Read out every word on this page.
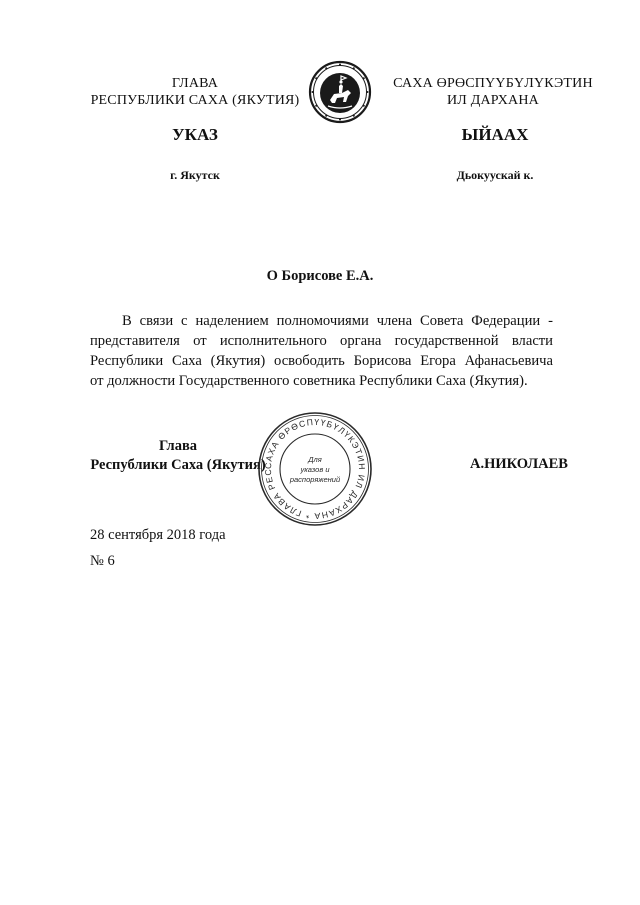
ГЛАВА
РЕСПУБЛИКИ САХА (ЯКУТИЯ)
САХА ӨРӨСПҮҮБҮЛҮКЭТИН
ИЛ ДАРХАНА
УКАЗ	ЫЙААХ
г. Якутск	Дьокуускай к.
О Борисове Е.А.
В связи с наделением полномочиями члена Совета Федерации -
представителя от исполнительного органа государственной власти
Республики Саха (Якутия) освободить Борисова Егора Афанасьевича
от должности Государственного советника Республики Саха (Якутия).
Глава
Республики Саха (Якутия)
САХА ӨРӨСПҮҮБҮЛҮКЭТИН ИЛ ДАРХАНА * ГЛАВА РЕС
Для
указов и
распоряжений
А.НИКОЛАЕВ
28 сентября 2018 года
№ 6
